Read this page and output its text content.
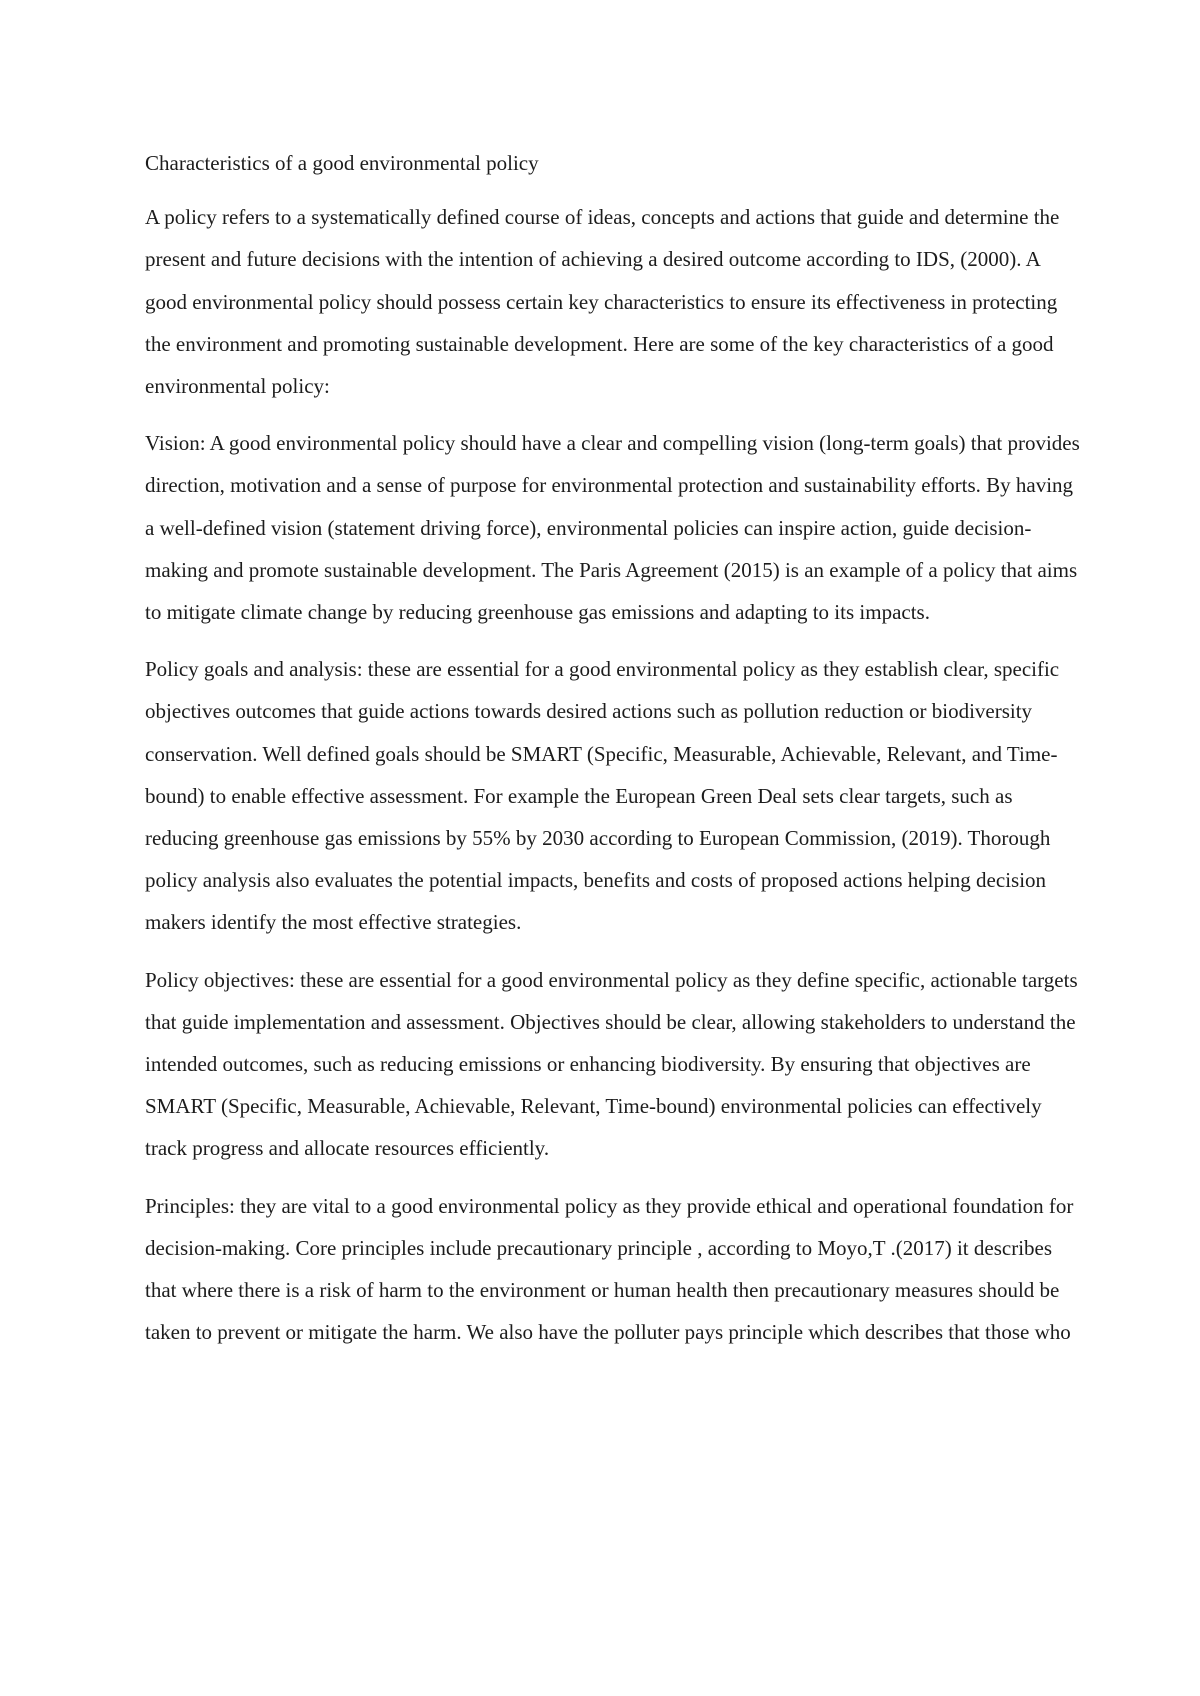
Characteristics of a good environmental policy

A policy refers to a systematically defined course of ideas, concepts and actions that guide and determine the present and future decisions with the intention of achieving a desired outcome according to IDS, (2000). A good environmental policy should possess certain key characteristics to ensure its effectiveness in protecting the environment and promoting sustainable development. Here are some of the key characteristics of a good environmental policy:

Vision: A good environmental policy should have a clear and compelling vision (long-term goals) that provides direction, motivation and a sense of purpose for environmental protection and sustainability efforts. By having a well-defined vision (statement driving force), environmental policies can inspire action, guide decision-making and promote sustainable development. The Paris Agreement (2015) is an example of a policy that aims to mitigate climate change by reducing greenhouse gas emissions and adapting to its impacts.

Policy goals and analysis: these are essential for a good environmental policy as they establish clear, specific objectives outcomes that guide actions towards desired actions such as pollution reduction or biodiversity conservation. Well defined goals should be SMART (Specific, Measurable, Achievable, Relevant, and Time-bound) to enable effective assessment. For example the European Green Deal sets clear targets, such as reducing greenhouse gas emissions by 55% by 2030 according to European Commission, (2019). Thorough policy analysis also evaluates the potential impacts, benefits and costs of proposed actions helping decision makers identify the most effective strategies.

Policy objectives: these are essential for a good environmental policy as they define specific, actionable targets that guide implementation and assessment. Objectives should be clear, allowing stakeholders to understand the intended outcomes, such as reducing emissions or enhancing biodiversity. By ensuring that objectives are SMART (Specific, Measurable, Achievable, Relevant, Time-bound) environmental policies can effectively track progress and allocate resources efficiently.

Principles: they are vital to a good environmental policy as they provide ethical and operational foundation for decision-making. Core principles include precautionary principle , according to Moyo,T .(2017) it describes that where there is a risk of harm to the environment or human health then precautionary measures should be taken to prevent or mitigate the harm. We also have the polluter pays principle which describes that those who
